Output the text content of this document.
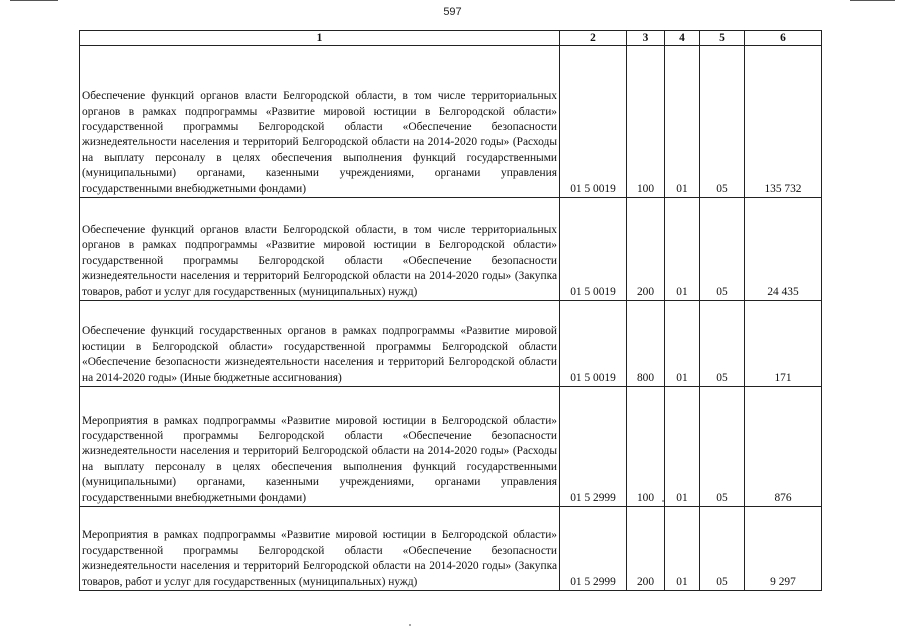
597
1	2	3	4	5	6
Обеспечение функций органов власти Белгородской области, в том числе территориальных органов в рамках подпрограммы «Развитие мировой юстиции в Белгородской области» государственной программы Белгородской области «Обеспечение безопасности жизнедеятельности населения и территорий Белгородской области на 2014-2020 годы» (Расходы на выплату персоналу в целях обеспечения выполнения функций государственными (муниципальными) органами, казенными учреждениями, органами управления государственными внебюджетными фондами)	01 5 0019	100	01	05	135 732
Обеспечение функций органов власти Белгородской области, в том числе территориальных органов в рамках подпрограммы «Развитие мировой юстиции в Белгородской области» государственной программы Белгородской области «Обеспечение безопасности жизнедеятельности населения и территорий Белгородской области на 2014-2020 годы» (Закупка товаров, работ и услуг для государственных (муниципальных) нужд)	01 5 0019	200	01	05	24 435
Обеспечение функций государственных органов в рамках подпрограммы «Развитие мировой юстиции в Белгородской области» государственной программы Белгородской области «Обеспечение безопасности жизнедеятельности населения и территорий Белгородской области на 2014-2020 годы» (Иные бюджетные ассигнования)	01 5 0019	800	01	05	171
Мероприятия в рамках подпрограммы «Развитие мировой юстиции в Белгородской области» государственной программы Белгородской области «Обеспечение безопасности жизнедеятельности населения и территорий Белгородской области на 2014-2020 годы» (Расходы на выплату персоналу в целях обеспечения выполнения функций государственными (муниципальными) органами, казенными учреждениями, органами управления государственными внебюджетными фондами)	01 5 2999	100	01	05	876
Мероприятия в рамках подпрограммы «Развитие мировой юстиции в Белгородской области» государственной программы Белгородской области «Обеспечение безопасности жизнедеятельности населения и территорий Белгородской области на 2014-2020 годы» (Закупка товаров, работ и услуг для государственных (муниципальных) нужд)	01 5 2999	200	01	05	9 297
